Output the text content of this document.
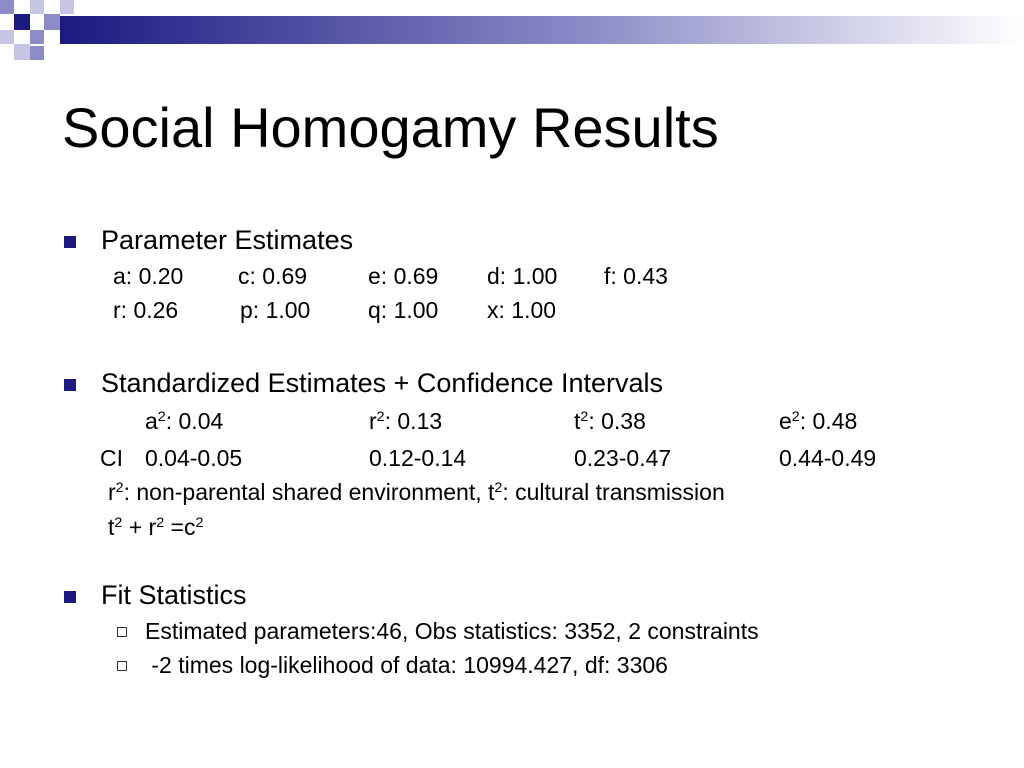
Social Homogamy Results
Parameter Estimates
a: 0.20 c: 0.69	e: 0.69 d: 1.00 f: 0.43
r: 0.26	p: 1.00	q: 1.00 x: 1.00
Standardized Estimates + Confidence Intervals
$a^2$: 0.04	$r^2$: 0.13	$t^2$: 0.38	$e^2$: 0.48
CI 0.04-0.05	0.12-0.14	0.23-0.47	0.44-0.49
$r^2$: non-parental shared environment, $t^2$: cultural transmission
$t^2 + r^2 =c^2$
Fit Statistics
Estimated parameters:46, Obs statistics: 3352, 2 constraints
-2 times log-likelihood of data: 10994.427, df: 3306
